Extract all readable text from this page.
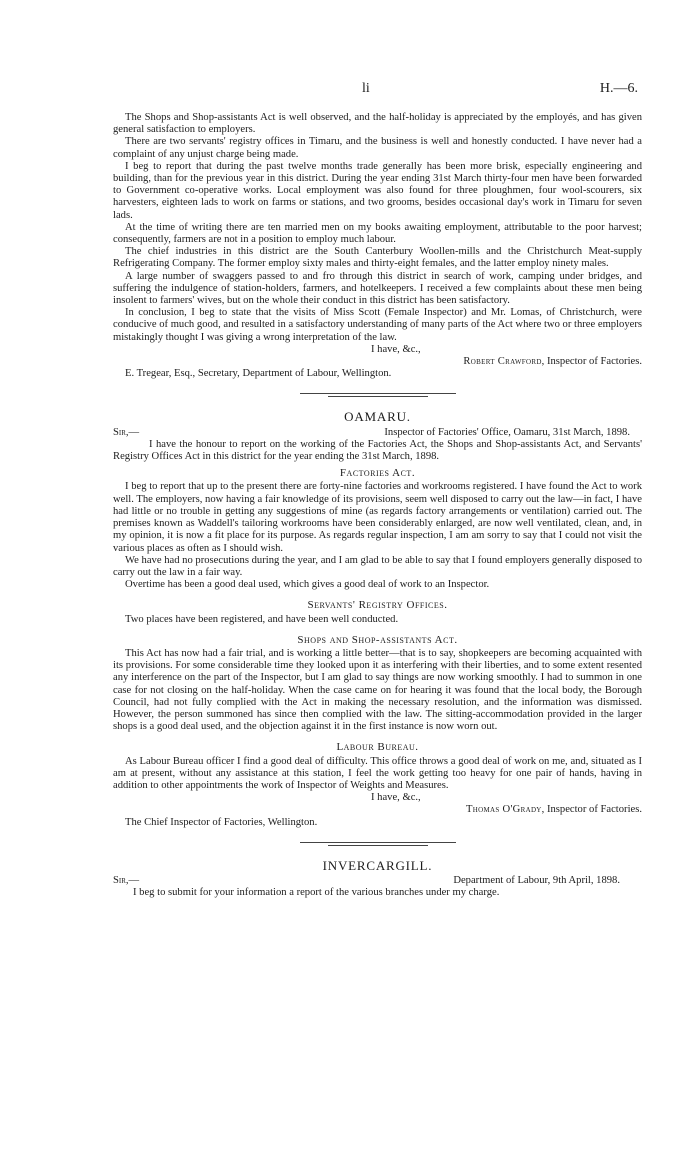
li	H.—6.

The Shops and Shop-assistants Act is well observed, and the half-holiday is appreciated by the employés, and has given general satisfaction to employers.

There are two servants' registry offices in Timaru, and the business is well and honestly conducted. I have never had a complaint of any unjust charge being made.

I beg to report that during the past twelve months trade generally has been more brisk, especially engineering and building, than for the previous year in this district. During the year ending 31st March thirty-four men have been forwarded to Government co-operative works. Local employment was also found for three ploughmen, four wool-scourers, six harvesters, eighteen lads to work on farms or stations, and two grooms, besides occasional day's work in Timaru for seven lads.

At the time of writing there are ten married men on my books awaiting employment, attributable to the poor harvest; consequently, farmers are not in a position to employ much labour.

The chief industries in this district are the South Canterbury Woollen-mills and the Christchurch Meat-supply Refrigerating Company. The former employ sixty males and thirty-eight females, and the latter employ ninety males.

A large number of swaggers passed to and fro through this district in search of work, camping under bridges, and suffering the indulgence of station-holders, farmers, and hotelkeepers. I received a few complaints about these men being insolent to farmers' wives, but on the whole their conduct in this district has been satisfactory.

In conclusion, I beg to state that the visits of Miss Scott (Female Inspector) and Mr. Lomas, of Christchurch, were conducive of much good, and resulted in a satisfactory understanding of many parts of the Act where two or three employers mistakingly thought I was giving a wrong interpretation of the law.

I have, &c.,

Robert Crawford, Inspector of Factories.

E. Tregear, Esq., Secretary, Department of Labour, Wellington.

OAMARU.
Sir,—	Inspector of Factories' Office, Oamaru, 31st March, 1898.

I have the honour to report on the working of the Factories Act, the Shops and Shop-assistants Act, and Servants' Registry Offices Act in this district for the year ending the 31st March, 1898.

Factories Act.

I beg to report that up to the present there are forty-nine factories and workrooms registered. I have found the Act to work well. The employers, now having a fair knowledge of its provisions, seem well disposed to carry out the law—in fact, I have had little or no trouble in getting any suggestions of mine (as regards factory arrangements or ventilation) carried out. The premises known as Waddell's tailoring workrooms have been considerably enlarged, are now well ventilated, clean, and, in my opinion, it is now a fit place for its purpose. As regards regular inspection, I am am sorry to say that I could not visit the various places as often as I should wish.

We have had no prosecutions during the year, and I am glad to be able to say that I found employers generally disposed to carry out the law in a fair way.

Overtime has been a good deal used, which gives a good deal of work to an Inspector.

Servants' Registry Offices.

Two places have been registered, and have been well conducted.

Shops and Shop-assistants Act.

This Act has now had a fair trial, and is working a little better—that is to say, shopkeepers are becoming acquainted with its provisions. For some considerable time they looked upon it as interfering with their liberties, and to some extent resented any interference on the part of the Inspector, but I am glad to say things are now working smoothly. I had to summon in one case for not closing on the half-holiday. When the case came on for hearing it was found that the local body, the Borough Council, had not fully complied with the Act in making the necessary resolution, and the information was dismissed. However, the person summoned has since then complied with the law. The sitting-accommodation provided in the larger shops is a good deal used, and the objection against it in the first instance is now worn out.

Labour Bureau.

As Labour Bureau officer I find a good deal of difficulty. This office throws a good deal of work on me, and, situated as I am at present, without any assistance at this station, I feel the work getting too heavy for one pair of hands, having in addition to other appointments the work of Inspector of Weights and Measures.

I have, &c.,

Thomas O'Grady, Inspector of Factories.

The Chief Inspector of Factories, Wellington.

INVERCARGILL.
Sir,—	Department of Labour, 9th April, 1898.

I beg to submit for your information a report of the various branches under my charge.
